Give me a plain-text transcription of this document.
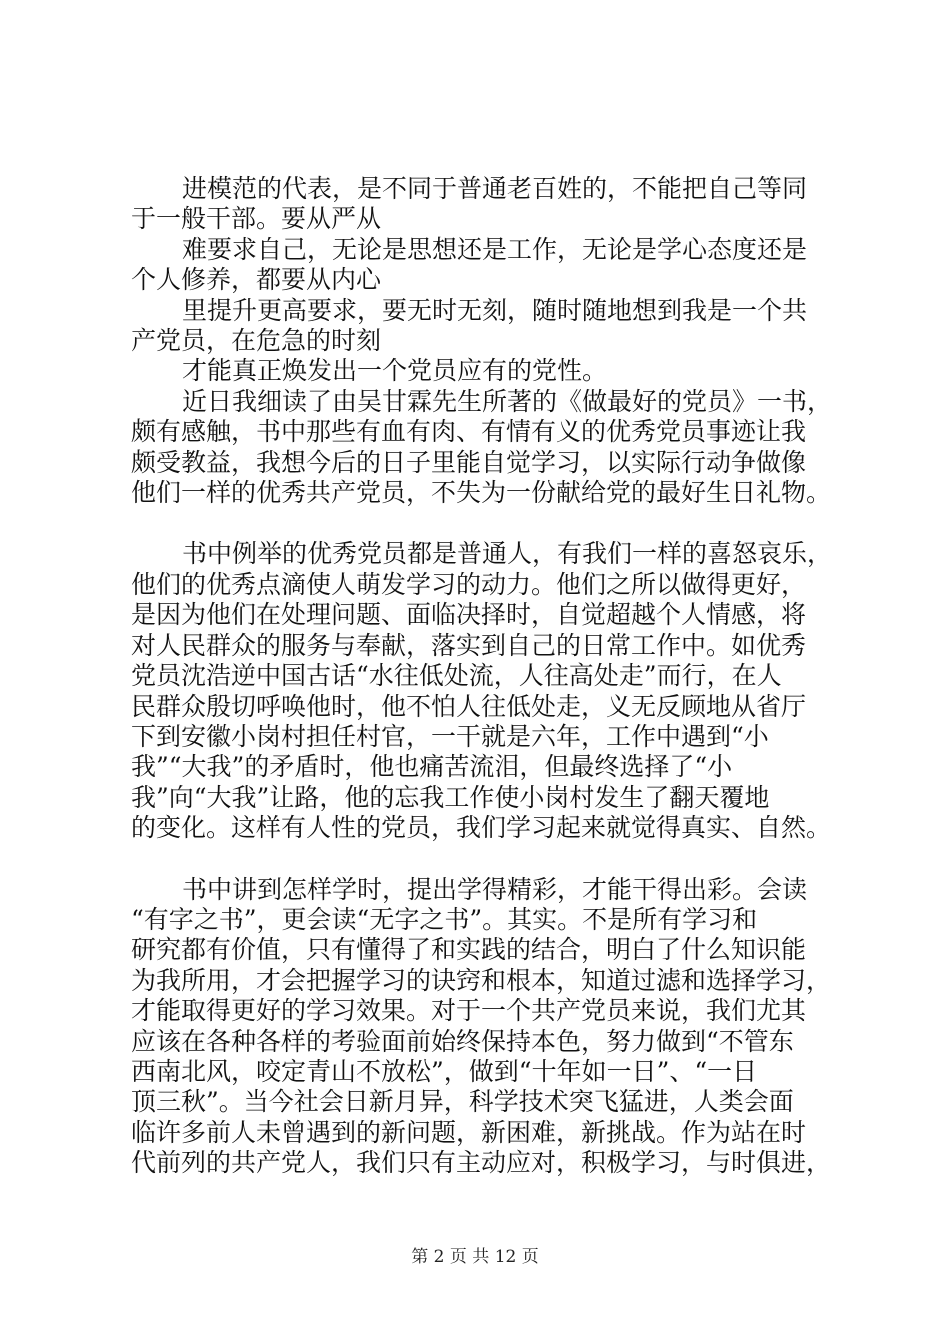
进模范的代表，是不同于普通老百姓的，不能把自己等同
于一般干部。要从严从
难要求自己，无论是思想还是工作，无论是学心态度还是
个人修养，都要从内心
里提升更高要求，要无时无刻，随时随地想到我是一个共
产党员，在危急的时刻
才能真正焕发出一个党员应有的党性。
近日我细读了由吴甘霖先生所著的《做最好的党员》一书，
颇有感触，书中那些有血有肉、有情有义的优秀党员事迹让我
颇受教益，我想今后的日子里能自觉学习，以实际行动争做像
他们一样的优秀共产党员，不失为一份献给党的最好生日礼物。
书中例举的优秀党员都是普通人，有我们一样的喜怒哀乐，
他们的优秀点滴使人萌发学习的动力。他们之所以做得更好，
是因为他们在处理问题、面临决择时，自觉超越个人情感，将
对人民群众的服务与奉献，落实到自己的日常工作中。如优秀
党员沈浩逆中国古话“水往低处流，人往高处走”而行，在人
民群众殷切呼唤他时，他不怕人往低处走，义无反顾地从省厅
下到安徽小岗村担任村官，一干就是六年，工作中遇到“小
我”“大我”的矛盾时，他也痛苦流泪，但最终选择了“小
我”向“大我”让路，他的忘我工作使小岗村发生了翻天覆地
的变化。这样有人性的党员，我们学习起来就觉得真实、自然。
书中讲到怎样学时，提出学得精彩，才能干得出彩。会读
“有字之书”，更会读“无字之书”。其实。不是所有学习和
研究都有价值，只有懂得了和实践的结合，明白了什么知识能
为我所用，才会把握学习的诀窍和根本，知道过滤和选择学习，
才能取得更好的学习效果。对于一个共产党员来说，我们尤其
应该在各种各样的考验面前始终保持本色，努力做到“不管东
西南北风，咬定青山不放松”，做到“十年如一日”、“一日
顶三秋”。当今社会日新月异，科学技术突飞猛进，人类会面
临许多前人未曾遇到的新问题，新困难，新挑战。作为站在时
代前列的共产党人，我们只有主动应对，积极学习，与时俱进，
第 2 页 共 12 页
